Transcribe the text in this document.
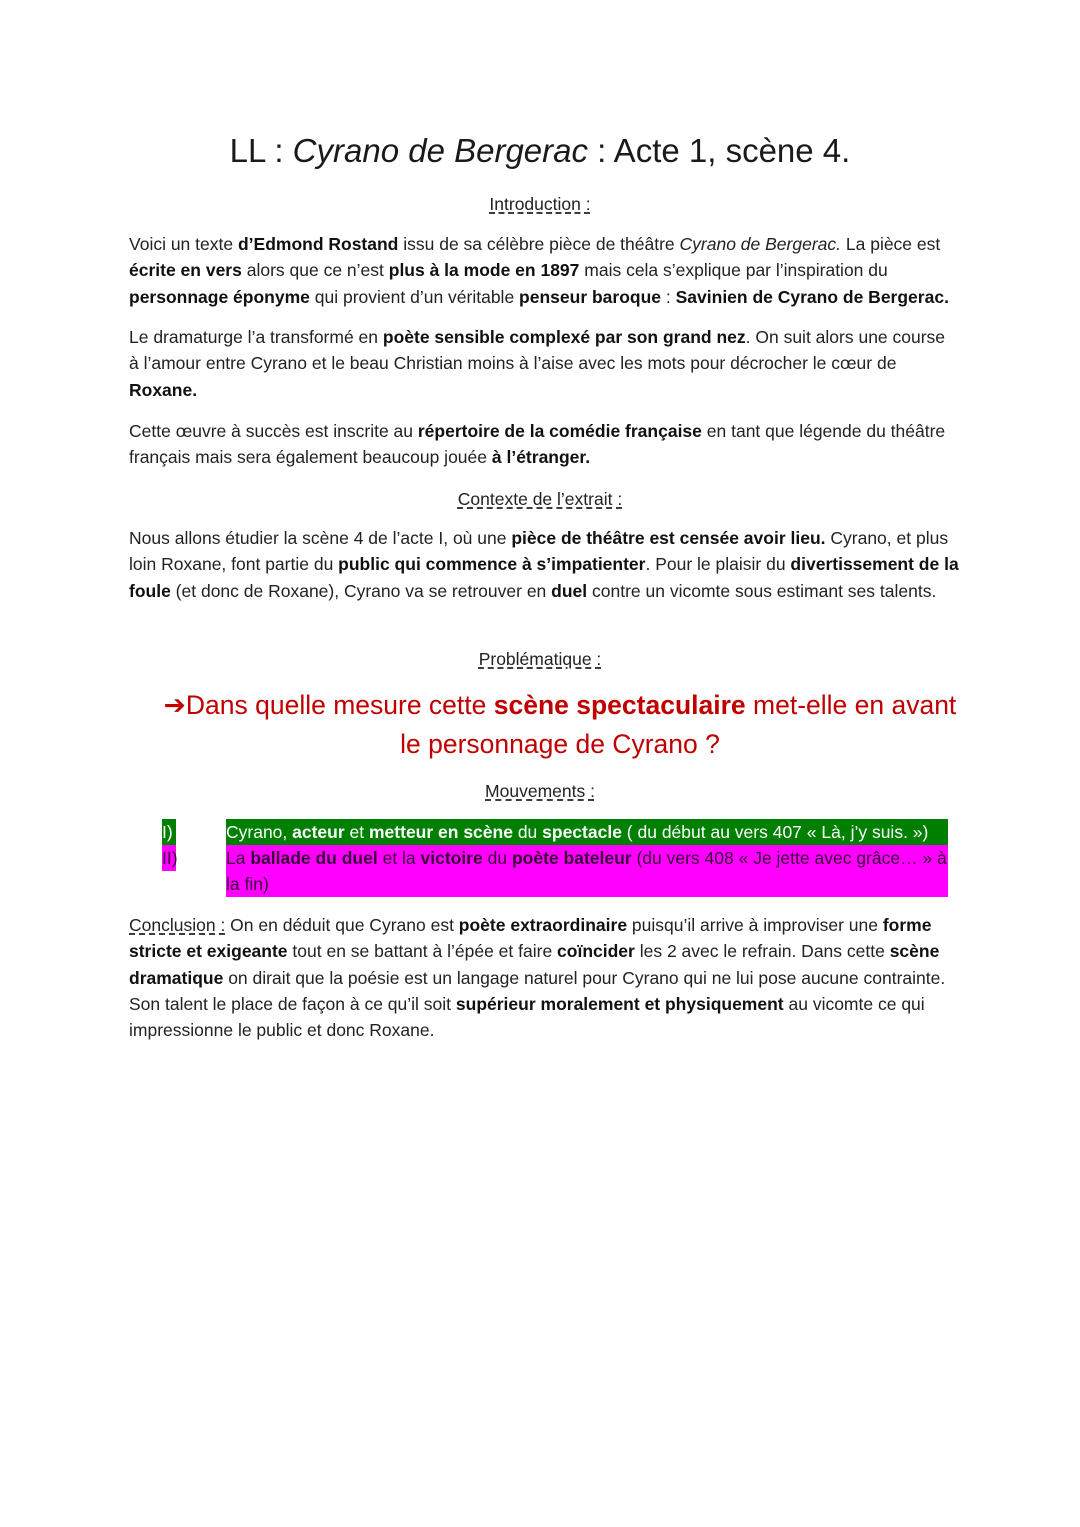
LL : Cyrano de Bergerac : Acte 1, scène 4.
Introduction :

Voici un texte d’Edmond Rostand issu de sa célèbre pièce de théâtre Cyrano de Bergerac. La pièce est écrite en vers alors que ce n’est plus à la mode en 1897 mais cela s’explique par l’inspiration du personnage éponyme qui provient d’un véritable penseur baroque : Savinien de Cyrano de Bergerac.

Le dramaturge l’a transformé en poète sensible complexé par son grand nez. On suit alors une course à l’amour entre Cyrano et le beau Christian moins à l’aise avec les mots pour décrocher le cœur de Roxane.

Cette œuvre à succès est inscrite au répertoire de la comédie française en tant que légende du théâtre français mais sera également beaucoup jouée à l’étranger.

Contexte de l’extrait :

Nous allons étudier la scène 4 de l’acte I, où une pièce de théâtre est censée avoir lieu. Cyrano, et plus loin Roxane, font partie du public qui commence à s’impatienter. Pour le plaisir du divertissement de la foule (et donc de Roxane), Cyrano va se retrouver en duel contre un vicomte sous estimant ses talents.

Problématique :
➔Dans quelle mesure cette scène spectaculaire met-elle en avant le personnage de Cyrano ?
Mouvements :
I)	Cyrano, acteur et metteur en scène du spectacle ( du début au vers 407 « Là, j’y suis. »)
II)	La ballade du duel et la victoire du poète bateleur (du vers 408 « Je jette avec grâce… » à la fin)

Conclusion : On en déduit que Cyrano est poète extraordinaire puisqu’il arrive à improviser une forme stricte et exigeante tout en se battant à l’épée et faire coïncider les 2 avec le refrain. Dans cette scène dramatique on dirait que la poésie est un langage naturel pour Cyrano qui ne lui pose aucune contrainte. Son talent le place de façon à ce qu’il soit supérieur moralement et physiquement au vicomte ce qui impressionne le public et donc Roxane.
